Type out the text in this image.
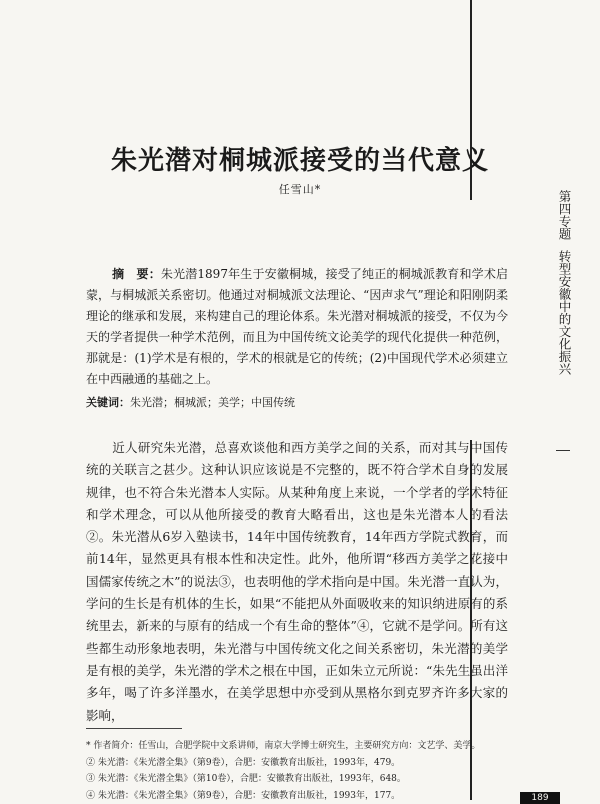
第四专题转型安徽中的文化振兴
朱光潜对桐城派接受的当代意义
任雪山*
摘　要：朱光潜1897年生于安徽桐城，接受了纯正的桐城派教育和学术启蒙，与桐城派关系密切。他通过对桐城派文法理论、“因声求气”理论和阳刚阴柔理论的继承和发展，来构建自己的理论体系。朱光潜对桐城派的接受，不仅为今天的学者提供一种学术范例，而且为中国传统文论美学的现代化提供一种范例，那就是：(1)学术是有根的，学术的根就是它的传统；(2)中国现代学术必须建立在中西融通的基础之上。
关键词：朱光潜；桐城派；美学；中国传统
近人研究朱光潜，总喜欢谈他和西方美学之间的关系，而对其与中国传统的关联言之甚少。这种认识应该说是不完整的，既不符合学术自身的发展规律，也不符合朱光潜本人实际。从某种角度上来说，一个学者的学术特征和学术理念，可以从他所接受的教育大略看出，这也是朱光潜本人的看法②。朱光潜从6岁入塾读书，14年中国传统教育，14年西方学院式教育，而前14年，显然更具有根本性和决定性。此外，他所谓“移西方美学之花接中国儒家传统之木”的说法③，也表明他的学术指向是中国。朱光潜一直认为，学问的生长是有机体的生长，如果“不能把从外面吸收来的知识纳进原有的系统里去，新来的与原有的结成一个有生命的整体”④，它就不是学问。所有这些都生动形象地表明，朱光潜与中国传统文化之间关系密切，朱光潜的美学是有根的美学，朱光潜的学术之根在中国，正如朱立元所说：“朱先生虽出洋多年，喝了许多洋墨水，在美学思想中亦受到从黑格尔到克罗齐许多大家的影响，
* 作者简介：任雪山，合肥学院中文系讲师，南京大学博士研究生，主要研究方向：文艺学、美学。
② 朱光潜：《朱光潜全集》（第9卷），合肥：安徽教育出版社，1993年，479。
③ 朱光潜：《朱光潜全集》（第10卷），合肥：安徽教育出版社，1993年，648。
④ 朱光潜：《朱光潜全集》（第9卷），合肥：安徽教育出版社，1993年，177。	189
